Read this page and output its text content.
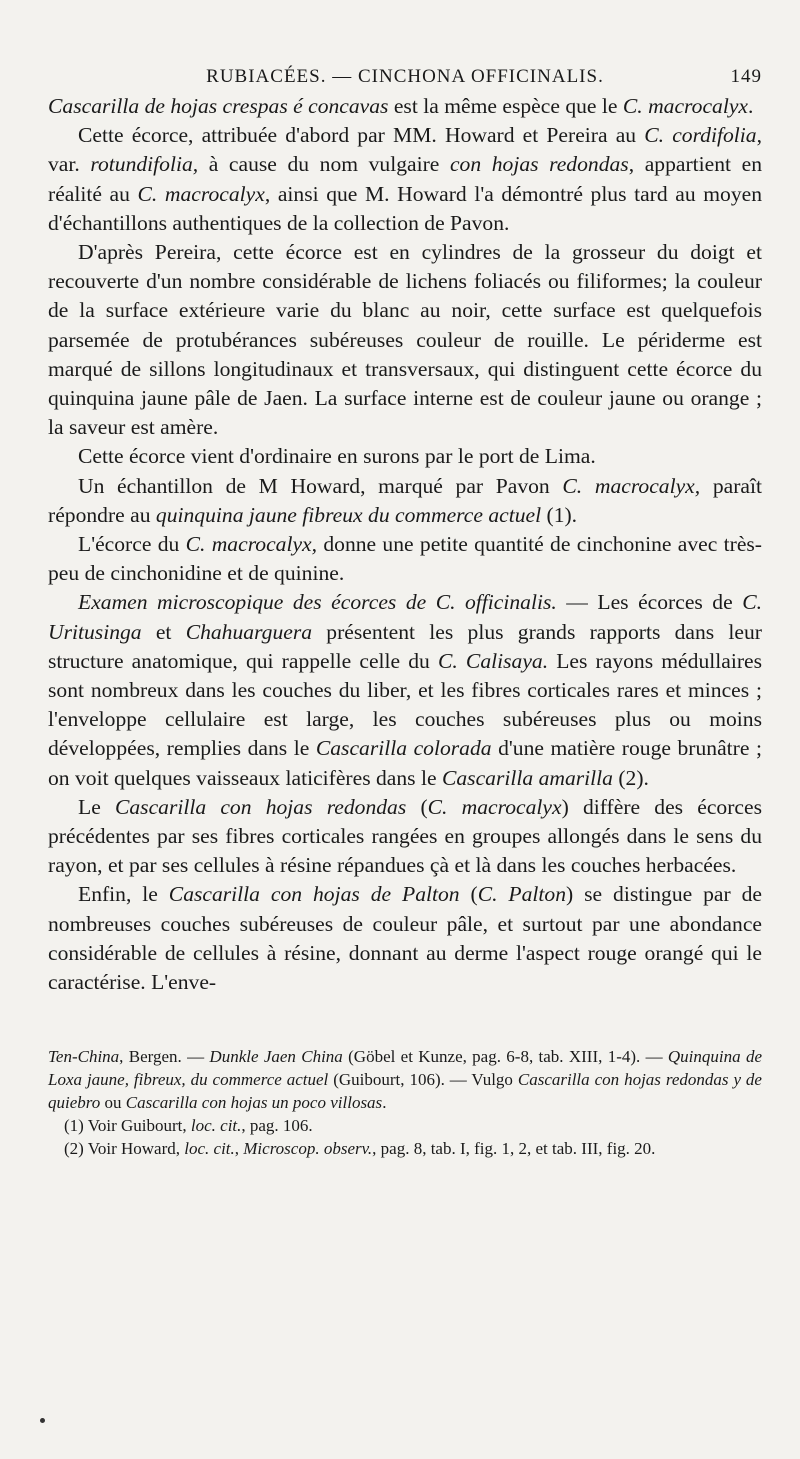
RUBIACÉES. — CINCHONA OFFICINALIS.	149

Cascarilla de hojas crespas é concavas est la même espèce que le C. macrocalyx.

Cette écorce, attribuée d'abord par MM. Howard et Pereira au C. cordifolia, var. rotundifolia, à cause du nom vulgaire con hojas redondas, appartient en réalité au C. macrocalyx, ainsi que M. Howard l'a démontré plus tard au moyen d'échantillons authentiques de la collection de Pavon.

D'après Pereira, cette écorce est en cylindres de la grosseur du doigt et recouverte d'un nombre considérable de lichens foliacés ou filiformes; la couleur de la surface extérieure varie du blanc au noir, cette surface est quelquefois parsemée de protubérances subéreuses couleur de rouille. Le périderme est marqué de sillons longitudinaux et transversaux, qui distinguent cette écorce du quinquina jaune pâle de Jaen. La surface interne est de couleur jaune ou orange ; la saveur est amère.

Cette écorce vient d'ordinaire en surons par le port de Lima.

Un échantillon de M Howard, marqué par Pavon C. macrocalyx, paraît répondre au quinquina jaune fibreux du commerce actuel (1).

L'écorce du C. macrocalyx, donne une petite quantité de cinchonine avec très-peu de cinchonidine et de quinine.

Examen microscopique des écorces de C. officinalis. — Les écorces de C. Uritusinga et Chahuarguera présentent les plus grands rapports dans leur structure anatomique, qui rappelle celle du C. Calisaya. Les rayons médullaires sont nombreux dans les couches du liber, et les fibres corticales rares et minces ; l'enveloppe cellulaire est large, les couches subéreuses plus ou moins développées, remplies dans le Cascarilla colorada d'une matière rouge brunâtre ; on voit quelques vaisseaux laticifères dans le Cascarilla amarilla (2).

Le Cascarilla con hojas redondas (C. macrocalyx) diffère des écorces précédentes par ses fibres corticales rangées en groupes allongés dans le sens du rayon, et par ses cellules à résine répandues çà et là dans les couches herbacées.

Enfin, le Cascarilla con hojas de Palton (C. Palton) se distingue par de nombreuses couches subéreuses de couleur pâle, et surtout par une abondance considérable de cellules à résine, donnant au derme l'aspect rouge orangé qui le caractérise. L'enve-

Ten-China, Bergen. — Dunkle Jaen China (Göbel et Kunze, pag. 6-8, tab. XIII, 1-4). — Quinquina de Loxa jaune, fibreux, du commerce actuel (Guibourt, 106). — Vulgo Cascarilla con hojas redondas y de quiebro ou Cascarilla con hojas un poco villosas.

(1) Voir Guibourt, loc. cit., pag. 106.

(2) Voir Howard, loc. cit., Microscop. observ., pag. 8, tab. I, fig. 1, 2, et tab. III, fig. 20.
